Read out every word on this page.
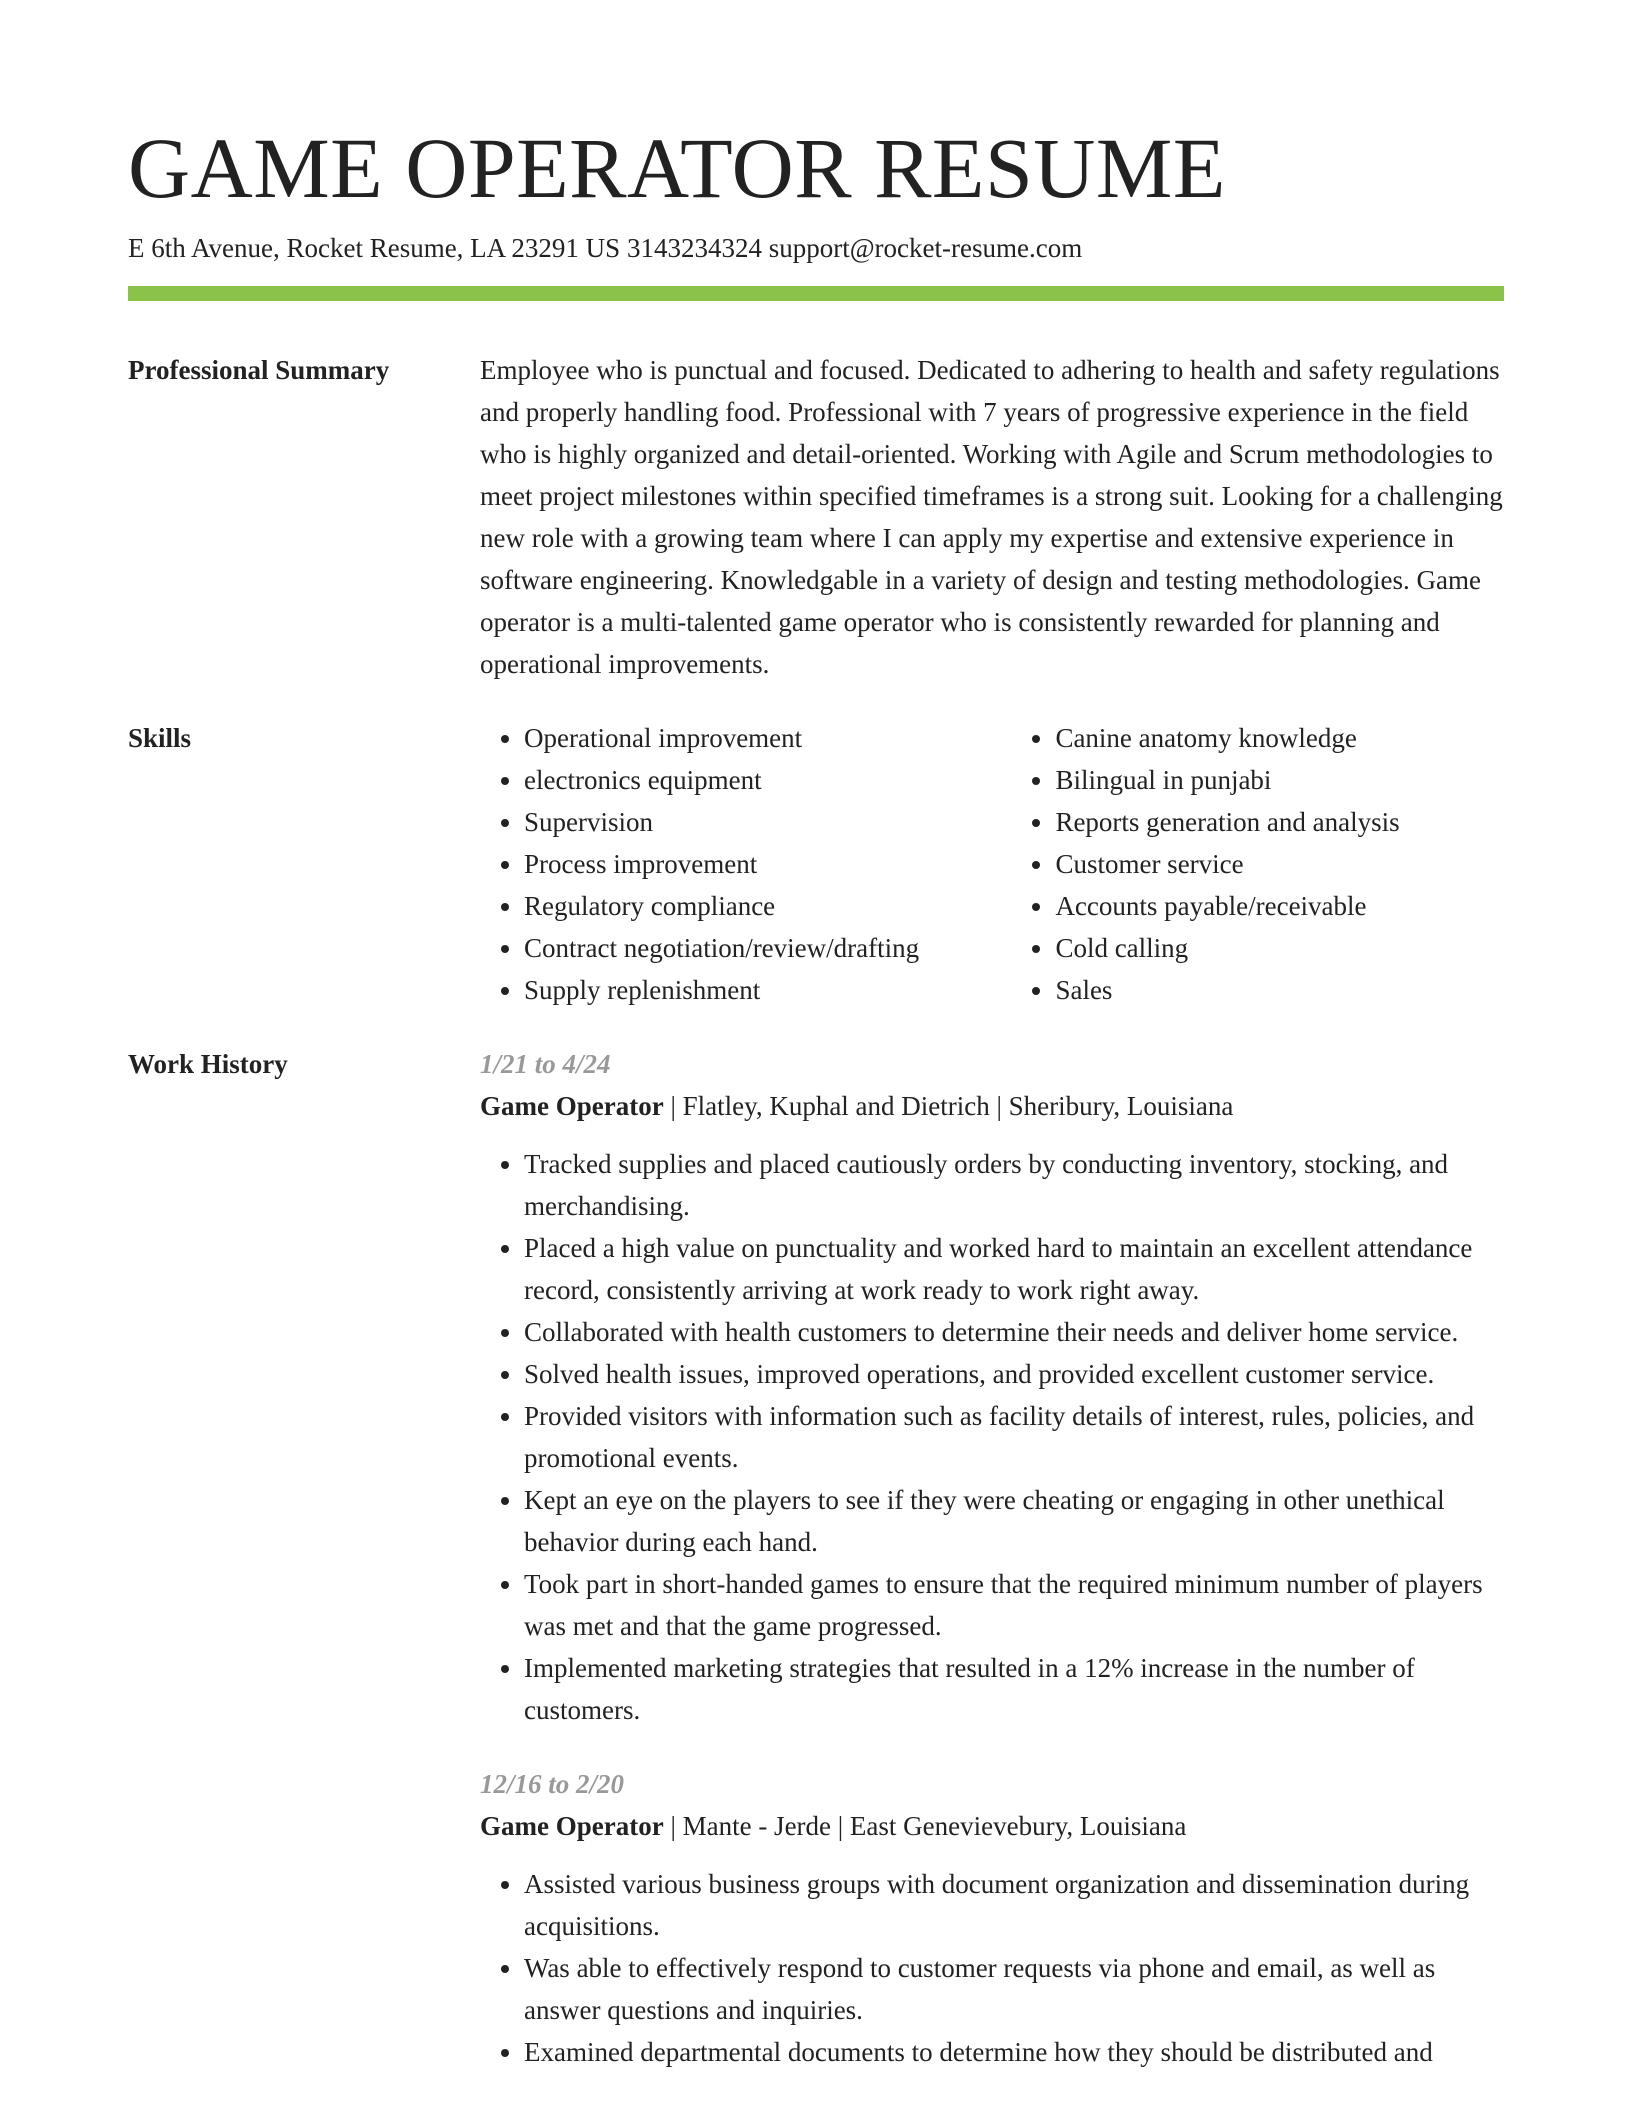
GAME OPERATOR RESUME
E 6th Avenue, Rocket Resume, LA 23291 US 3143234324 support@rocket-resume.com
Professional Summary	Employee who is punctual and focused. Dedicated to adhering to health and safety regulations and properly handling food. Professional with 7 years of progressive experience in the field who is highly organized and detail-oriented. Working with Agile and Scrum methodologies to meet project milestones within specified timeframes is a strong suit. Looking for a challenging new role with a growing team where I can apply my expertise and extensive experience in software engineering. Knowledgable in a variety of design and testing methodologies. Game operator is a multi-talented game operator who is consistently rewarded for planning and operational improvements.

Skills
•	Operational improvement
• electronics equipment
• Supervision
• Process improvement
• Regulatory compliance
• Contract negotiation/review/drafting
• Supply replenishment
• Canine anatomy knowledge
• Bilingual in punjabi
• Reports generation and analysis
• Customer service
• Accounts payable/receivable
• Cold calling
• Sales
Work History	1/21 to 4/24
Game Operator | Flatley, Kuphal and Dietrich | Sheribury, Louisiana
• Tracked supplies and placed cautiously orders by conducting inventory, stocking, and merchandising.
• Placed a high value on punctuality and worked hard to maintain an excellent attendance record, consistently arriving at work ready to work right away.
• Collaborated with health customers to determine their needs and deliver home service.
• Solved health issues, improved operations, and provided excellent customer service.
• Provided visitors with information such as facility details of interest, rules, policies, and promotional events.
• Kept an eye on the players to see if they were cheating or engaging in other unethical behavior during each hand.
• Took part in short-handed games to ensure that the required minimum number of players was met and that the game progressed.
• Implemented marketing strategies that resulted in a 12% increase in the number of customers.
12/16 to 2/20
Game Operator | Mante - Jerde | East Genevievebury, Louisiana
• Assisted various business groups with document organization and dissemination during acquisitions.
• Was able to effectively respond to customer requests via phone and email, as well as answer questions and inquiries.
• Examined departmental documents to determine how they should be distributed and
